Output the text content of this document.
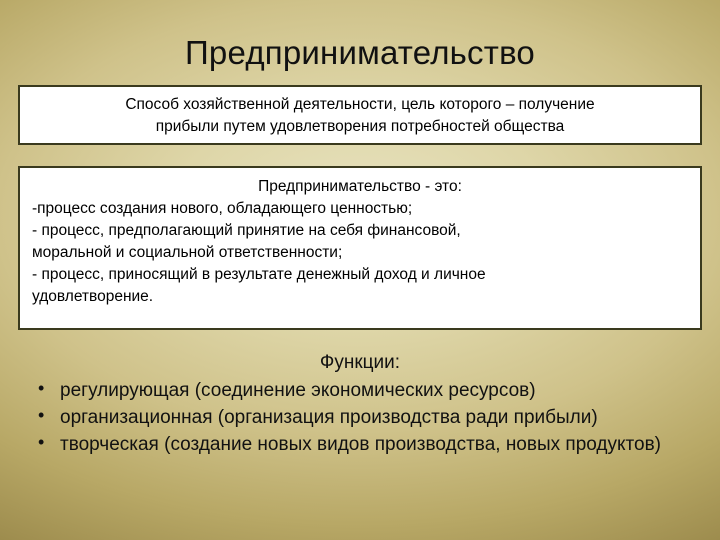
Предпринимательство
Способ хозяйственной деятельности, цель которого – получение
прибыли путем удовлетворения потребностей общества
Предпринимательство - это:
-процесс создания нового, обладающего ценностью;
- процесс, предполагающий принятие на себя финансовой,
моральной и социальной ответственности;
- процесс, приносящий в результате денежный доход и личное
удовлетворение.
Функции:
• регулирующая (соединение экономических ресурсов)
• организационная (организация производства ради прибыли)
• творческая (создание новых видов производства, новых продуктов)
